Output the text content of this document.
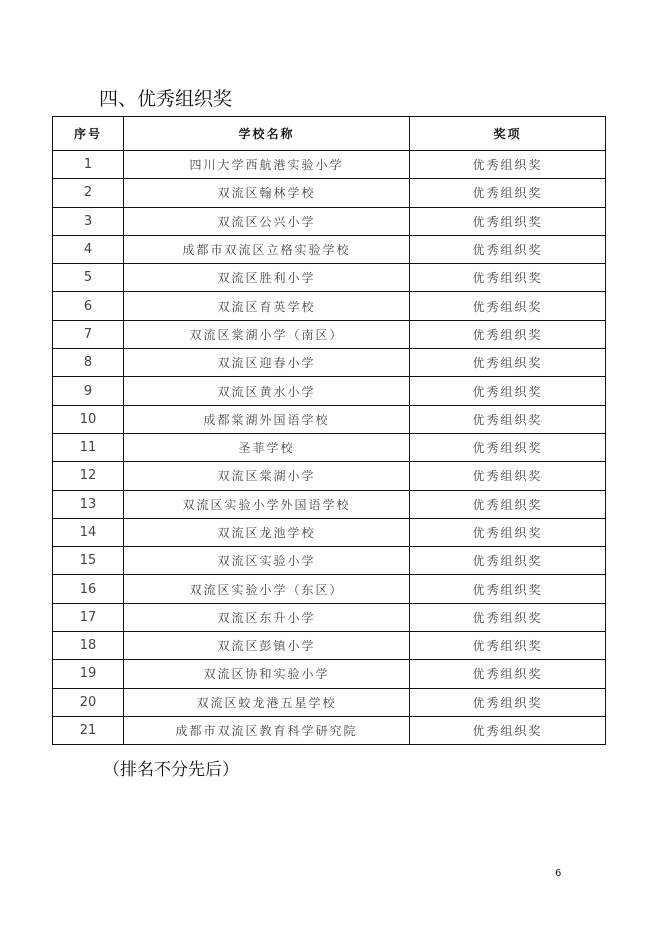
四、优秀组织奖
序号	学校名称	奖项
1	四川大学西航港实验小学	优秀组织奖
2	双流区翰林学校	优秀组织奖
3	双流区公兴小学	优秀组织奖
4	成都市双流区立格实验学校	优秀组织奖
5	双流区胜利小学	优秀组织奖
6	双流区育英学校	优秀组织奖
7	双流区棠湖小学（南区）	优秀组织奖
8	双流区迎春小学	优秀组织奖
9	双流区黄水小学	优秀组织奖
10	成都棠湖外国语学校	优秀组织奖
11	圣菲学校	优秀组织奖
12	双流区棠湖小学	优秀组织奖
13	双流区实验小学外国语学校	优秀组织奖
14	双流区龙池学校	优秀组织奖
15	双流区实验小学	优秀组织奖
16	双流区实验小学（东区）	优秀组织奖
17	双流区东升小学	优秀组织奖
18	双流区彭镇小学	优秀组织奖
19	双流区协和实验小学	优秀组织奖
20	双流区蛟龙港五星学校	优秀组织奖
21	成都市双流区教育科学研究院	优秀组织奖
（排名不分先后）
6
